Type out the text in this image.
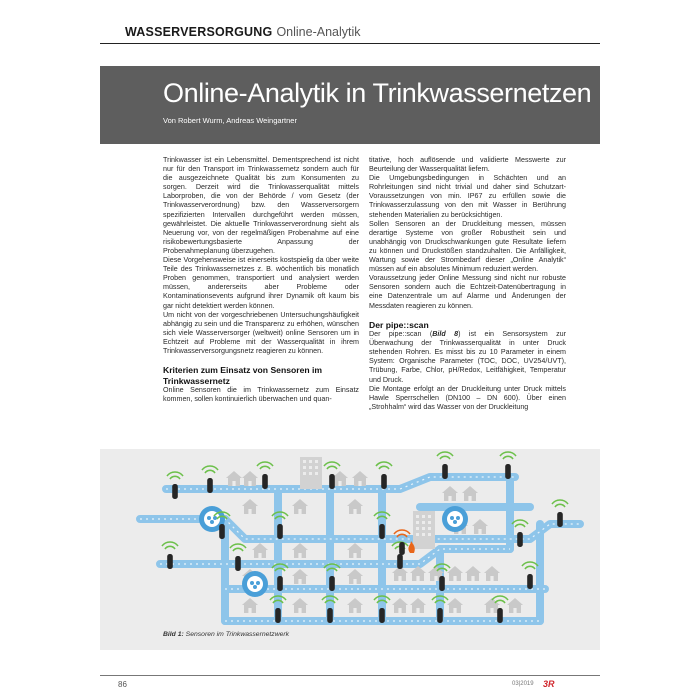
WASSERVERSORGUNG Online-Analytik
Online-Analytik in Trinkwassernetzen
Von Robert Wurm, Andreas Weingartner

Trinkwasser ist ein Lebensmittel. Dementsprechend ist nicht nur für den Transport im Trinkwassernetz sondern auch für die ausgezeichnete Qualität bis zum Konsumenten zu sorgen. Derzeit wird die Trinkwasserqualität mittels Laborproben, die von der Behörde / vom Gesetz (der Trinkwasserverordnung) bzw. den Wasserversorgern spezifizierten Intervallen durchgeführt werden müssen, gewährleistet. Die aktuelle Trinkwasserverordnung sieht als Neuerung vor, von der regelmäßigen Probenahme auf eine risikobewertungsbasierte Anpassung der Probenahmeplanung überzugehen.

Diese Vorgehensweise ist einerseits kostspielig da über weite Teile des Trinkwassernetzes z. B. wöchentlich bis monatlich Proben genommen, transportiert und analysiert werden müssen, andererseits aber Probleme oder Kontaminationsevents aufgrund ihrer Dynamik oft kaum bis gar nicht detektiert werden können.

Um nicht von der vorgeschriebenen Untersuchungshäufigkeit abhängig zu sein und die Transparenz zu erhöhen, wünschen sich viele Wasserversorger (weltweit) online Sensoren um in Echtzeit auf Probleme mit der Wasserqualität in ihrem Trinkwasserversorgungsnetz reagieren zu können.

Kriterien zum Einsatz von Sensoren im Trinkwassernetz

Online Sensoren die im Trinkwassernetz zum Einsatz kommen, sollen kontinuierlich überwachen und quan-

titative, hoch auflösende und validierte Messwerte zur Beurteilung der Wasserqualität liefern.

Die Umgebungsbedingungen in Schächten und an Rohrleitungen sind nicht trivial und daher sind Schutzart-Voraussetzungen von min. IP67 zu erfüllen sowie die Trinkwasserzulassung von den mit Wasser in Berührung stehenden Materialien zu berücksichtigen.

Sollen Sensoren an der Druckleitung messen, müssen derartige Systeme von großer Robustheit sein und unabhängig von Druckschwankungen gute Resultate liefern zu können und Druckstößen standzuhalten. Die Anfälligkeit, Wartung sowie der Strombedarf dieser „Online Analytik“ müssen auf ein absolutes Minimum reduziert werden.

Voraussetzung jeder Online Messung sind nicht nur robuste Sensoren sondern auch die Echtzeit-Datenübertragung in eine Datenzentrale um auf Alarme und Änderungen der Messdaten reagieren zu können.

Der pipe::scan

Der pipe::scan (Bild 8) ist ein Sensorsystem zur Überwachung der Trinkwasserqualität in unter Druck stehenden Rohren. Es misst bis zu 10 Parameter in einem System: Organische Parameter (TOC, DOC, UV254/UVT), Trübung, Farbe, Chlor, pH/Redox, Leitfähigkeit, Temperatur und Druck.

Die Montage erfolgt an der Druckleitung unter Druck mittels Hawle Sperrschellen (DN100 – DN 600). Über einen „Strohhalm“ wird das Wasser von der Druckleitung

Bild 1: Sensoren im Trinkwassernetzwerk
86	03|2019 3R
